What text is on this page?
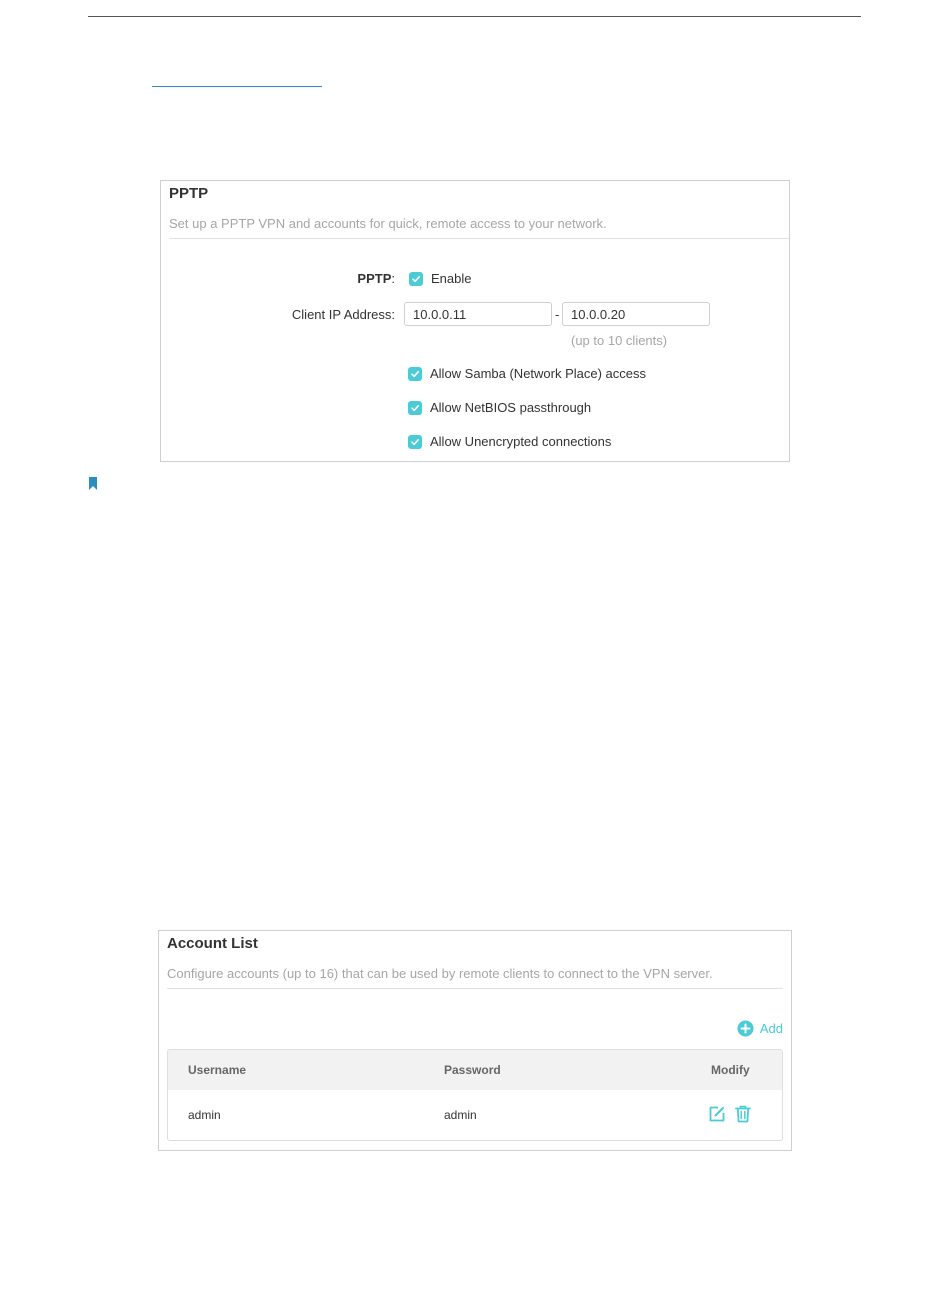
PPTP
Set up a PPTP VPN and accounts for quick, remote access to your network.
PPTP:	Enable
Client IP Address:
10.0.0.11	-
10.0.0.20
(up to 10 clients)
Allow Samba (Network Place) access
Allow NetBIOS passthrough
Allow Unencrypted connections
Account List
Configure accounts (up to 16) that can be used by remote clients to connect to the VPN server.
Add
Username	Password	Modify
admin	admin
